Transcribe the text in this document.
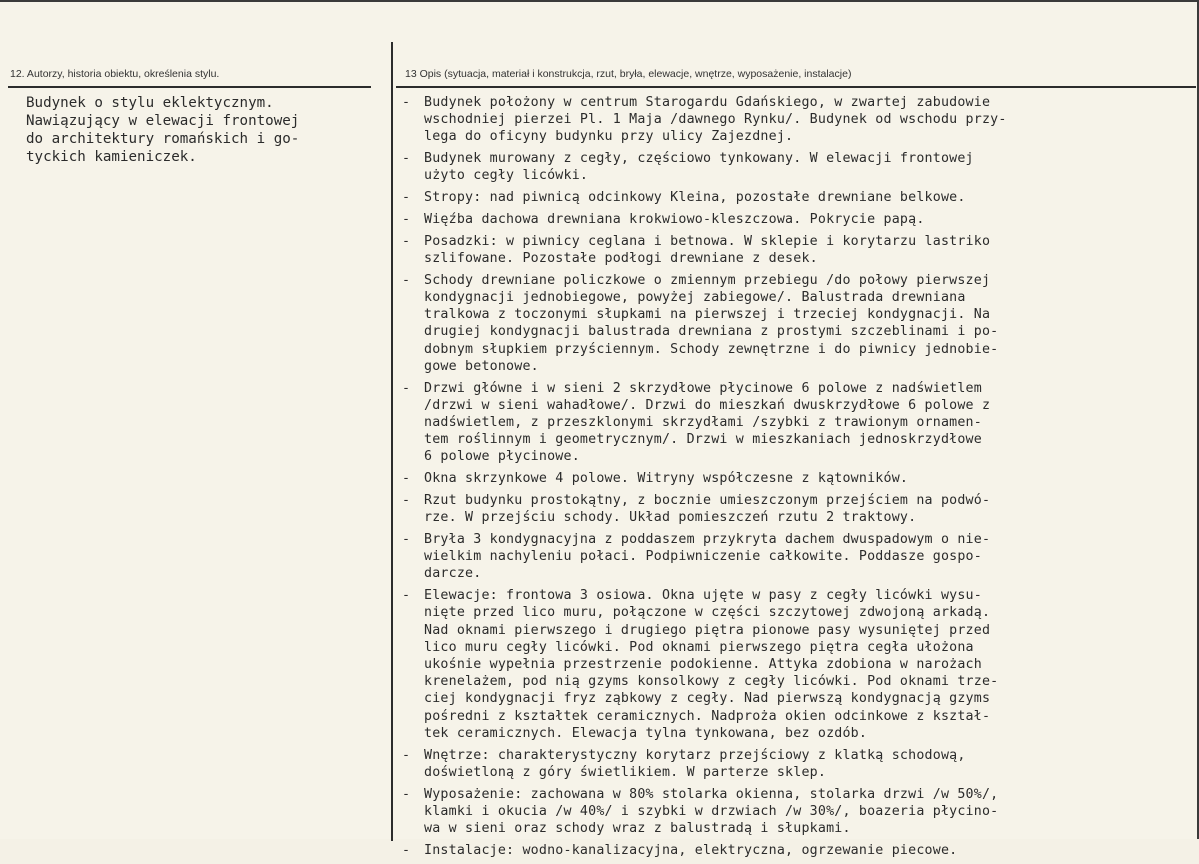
12. Autorzy, historia obiektu, określenia stylu.	13 Opis (sytuacja, materiał i konstrukcja, rzut, bryła, elewacje, wnętrze, wyposażenie, instalacje)
Budynek o stylu eklektycznym.
Nawiązujący w elewacji frontowej
do architektury romańskich i go-
tyckich kamieniczek.
- Budynek położony w centrum Starogardu Gdańskiego, w zwartej zabudowie
wschodniej pierzei Pl. 1 Maja /dawnego Rynku/. Budynek od wschodu przy-
lega do oficyny budynku przy ulicy Zajezdnej.
- Budynek murowany z cegły, częściowo tynkowany. W elewacji frontowej
użyto cegły licówki.
- Stropy: nad piwnicą odcinkowy Kleina, pozostałe drewniane belkowe.
- Więźba dachowa drewniana krokwiowo-kleszczowa. Pokrycie papą.
- Posadzki: w piwnicy ceglana i betnowa. W sklepie i korytarzu lastriko
szlifowane. Pozostałe podłogi drewniane z desek.
- Schody drewniane policzkowe o zmiennym przebiegu /do połowy pierwszej
kondygnacji jednobiegowe, powyżej zabiegowe/. Balustrada drewniana
tralkowa z toczonymi słupkami na pierwszej i trzeciej kondygnacji. Na
drugiej kondygnacji balustrada drewniana z prostymi szczeblinami i po-
dobnym słupkiem przyściennym. Schody zewnętrzne i do piwnicy jednobie-
gowe betonowe.
- Drzwi główne i w sieni 2 skrzydłowe płycinowe 6 polowe z nadświetlem
/drzwi w sieni wahadłowe/. Drzwi do mieszkań dwuskrzydłowe 6 polowe z
nadświetlem, z przeszklonymi skrzydłami /szybki z trawionym ornamen-
tem roślinnym i geometrycznym/. Drzwi w mieszkaniach jednoskrzydłowe
6 polowe płycinowe.
- Okna skrzynkowe 4 polowe. Witryny współczesne z kątowników.
- Rzut budynku prostokątny, z bocznie umieszczonym przejściem na podwó-
rze. W przejściu schody. Układ pomieszczeń rzutu 2 traktowy.
- Bryła 3 kondygnacyjna z poddaszem przykryta dachem dwuspadowym o nie-
wielkim nachyleniu połaci. Podpiwniczenie całkowite. Poddasze gospo-
darcze.
- Elewacje: frontowa 3 osiowa. Okna ujęte w pasy z cegły licówki wysu-
nięte przed lico muru, połączone w części szczytowej zdwojoną arkadą.
Nad oknami pierwszego i drugiego piętra pionowe pasy wysuniętej przed
lico muru cegły licówki. Pod oknami pierwszego piętra cegła ułożona
ukośnie wypełnia przestrzenie podokienne. Attyka zdobiona w narożach
krenelażem, pod nią gzyms konsolkowy z cegły licówki. Pod oknami trze-
ciej kondygnacji fryz ząbkowy z cegły. Nad pierwszą kondygnacją gzyms
pośredni z kształtek ceramicznych. Nadproża okien odcinkowe z kształ-
tek ceramicznych. Elewacja tylna tynkowana, bez ozdób.
- Wnętrze: charakterystyczny korytarz przejściowy z klatką schodową,
doświetloną z góry świetlikiem. W parterze sklep.
- Wyposażenie: zachowana w 80% stolarka okienna, stolarka drzwi /w 50%/,
klamki i okucia /w 40%/ i szybki w drzwiach /w 30%/, boazeria płycino-
wa w sieni oraz schody wraz z balustradą i słupkami.
- Instalacje: wodno-kanalizacyjna, elektryczna, ogrzewanie piecowe.
